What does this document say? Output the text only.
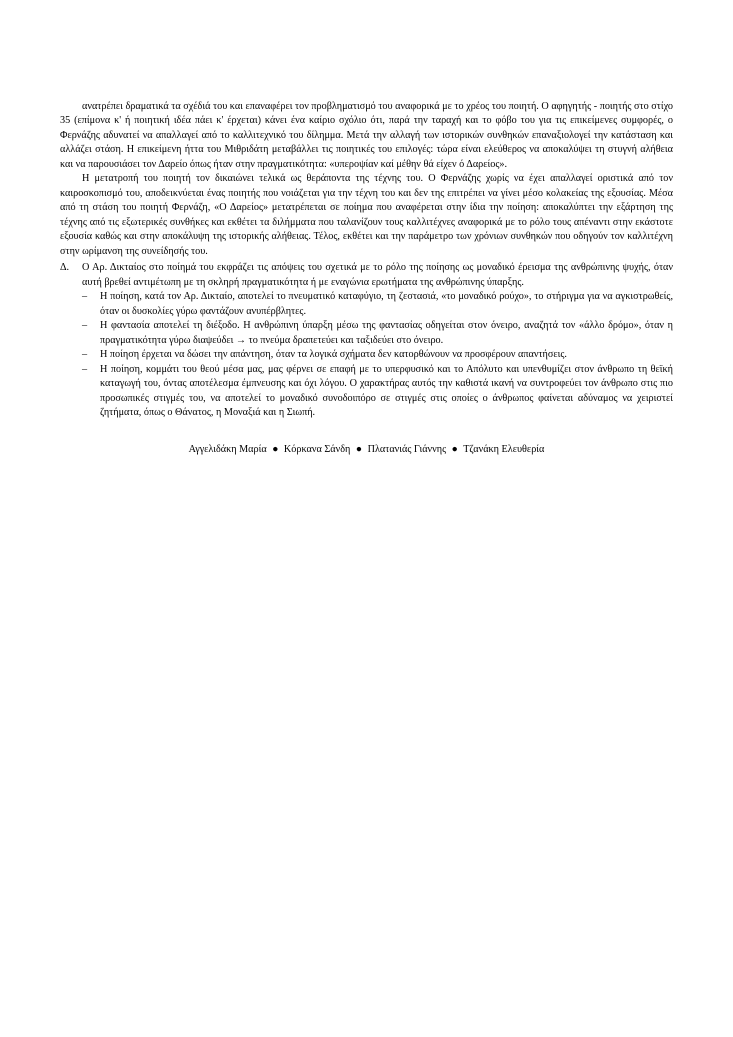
ανατρέπει δραματικά τα σχέδιά του και επαναφέρει τον προβληματισμό του αναφορικά με το χρέος του ποιητή. Ο αφηγητής - ποιητής στο στίχο 35 (επίμονα κ' ή ποιητική ιδέα πάει κ' έρχεται) κάνει ένα καίριο σχόλιο ότι, παρά την ταραχή και το φόβο του για τις επικείμενες συμφορές, ο Φερνάζης αδυνατεί να απαλλαγεί από το καλλιτεχνικό του δίλημμα. Μετά την αλλαγή των ιστορικών συνθηκών επαναξιολογεί την κατάσταση και αλλάζει στάση. Η επικείμενη ήττα του Μιθριδάτη μεταβάλλει τις ποιητικές του επιλογές: τώρα είναι ελεύθερος να αποκαλύψει τη στυγνή αλήθεια και να παρουσιάσει τον Δαρείο όπως ήταν στην πραγματικότητα: «υπεροψίαν καί μέθην θά είχεν ό Δαρείος».

Η μετατροπή του ποιητή τον δικαιώνει τελικά ως θεράποντα της τέχνης του. Ο Φερνάζης χωρίς να έχει απαλλαγεί οριστικά από τον καιροσκοπισμό του, αποδεικνύεται ένας ποιητής που νοιάζεται για την τέχνη του και δεν της επιτρέπει να γίνει μέσο κολακείας της εξουσίας. Μέσα από τη στάση του ποιητή Φερνάζη, «Ο Δαρείος» μετατρέπεται σε ποίημα που αναφέρεται στην ίδια την ποίηση: αποκαλύπτει την εξάρτηση της τέχνης από τις εξωτερικές συνθήκες και εκθέτει τα διλήμματα που ταλανίζουν τους καλλιτέχνες αναφορικά με το ρόλο τους απέναντι στην εκάστοτε εξουσία καθώς και στην αποκάλυψη της ιστορικής αλήθειας. Τέλος, εκθέτει και την παράμετρο των χρόνιων συνθηκών που οδηγούν τον καλλιτέχνη στην ωρίμανση της συνείδησής του.

Δ.	Ο Αρ. Δικταίος στο ποίημά του εκφράζει τις απόψεις του σχετικά με το ρόλο της ποίησης ως μοναδικό έρεισμα της ανθρώπινης ψυχής, όταν αυτή βρεθεί αντιμέτωπη με τη σκληρή πραγματικότητα ή με εναγώνια ερωτήματα της ανθρώπινης ύπαρξης.
– Η ποίηση, κατά τον Αρ. Δικταίο, αποτελεί το πνευματικό καταφύγιο, τη ζεστασιά, «το μοναδικό ρούχο», το στήριγμα για να αγκιστρωθείς, όταν οι δυσκολίες γύρω φαντάζουν ανυπέρβλητες.
– Η φαντασία αποτελεί τη διέξοδο. Η ανθρώπινη ύπαρξη μέσω της φαντασίας οδηγείται στον όνειρο, αναζητά τον «άλλο δρόμο», όταν η πραγματικότητα γύρω διαψεύδει → το πνεύμα δραπετεύει και ταξιδεύει στο όνειρο.
– Η ποίηση έρχεται να δώσει την απάντηση, όταν τα λογικά σχήματα δεν κατορθώνουν να προσφέρουν απαντήσεις.
– Η ποίηση, κομμάτι του θεού μέσα μας, μας φέρνει σε επαφή με το υπερφυσικό και το Απόλυτο και υπενθυμίζει στον άνθρωπο τη θεϊκή καταγωγή του, όντας αποτέλεσμα έμπνευσης και όχι λόγου. Ο χαρακτήρας αυτός την καθιστά ικανή να συντροφεύει τον άνθρωπο στις πιο προσωπικές στιγμές του, να αποτελεί το μοναδικό συνοδοιπόρο σε στιγμές στις οποίες ο άνθρωπος φαίνεται αδύναμος να χειριστεί ζητήματα, όπως ο Θάνατος, η Μοναξιά και η Σιωπή.
Αγγελιδάκη Μαρία ● Κόρκανα Σάνδη ● Πλατανιάς Γιάννης ● Τζανάκη Ελευθερία
